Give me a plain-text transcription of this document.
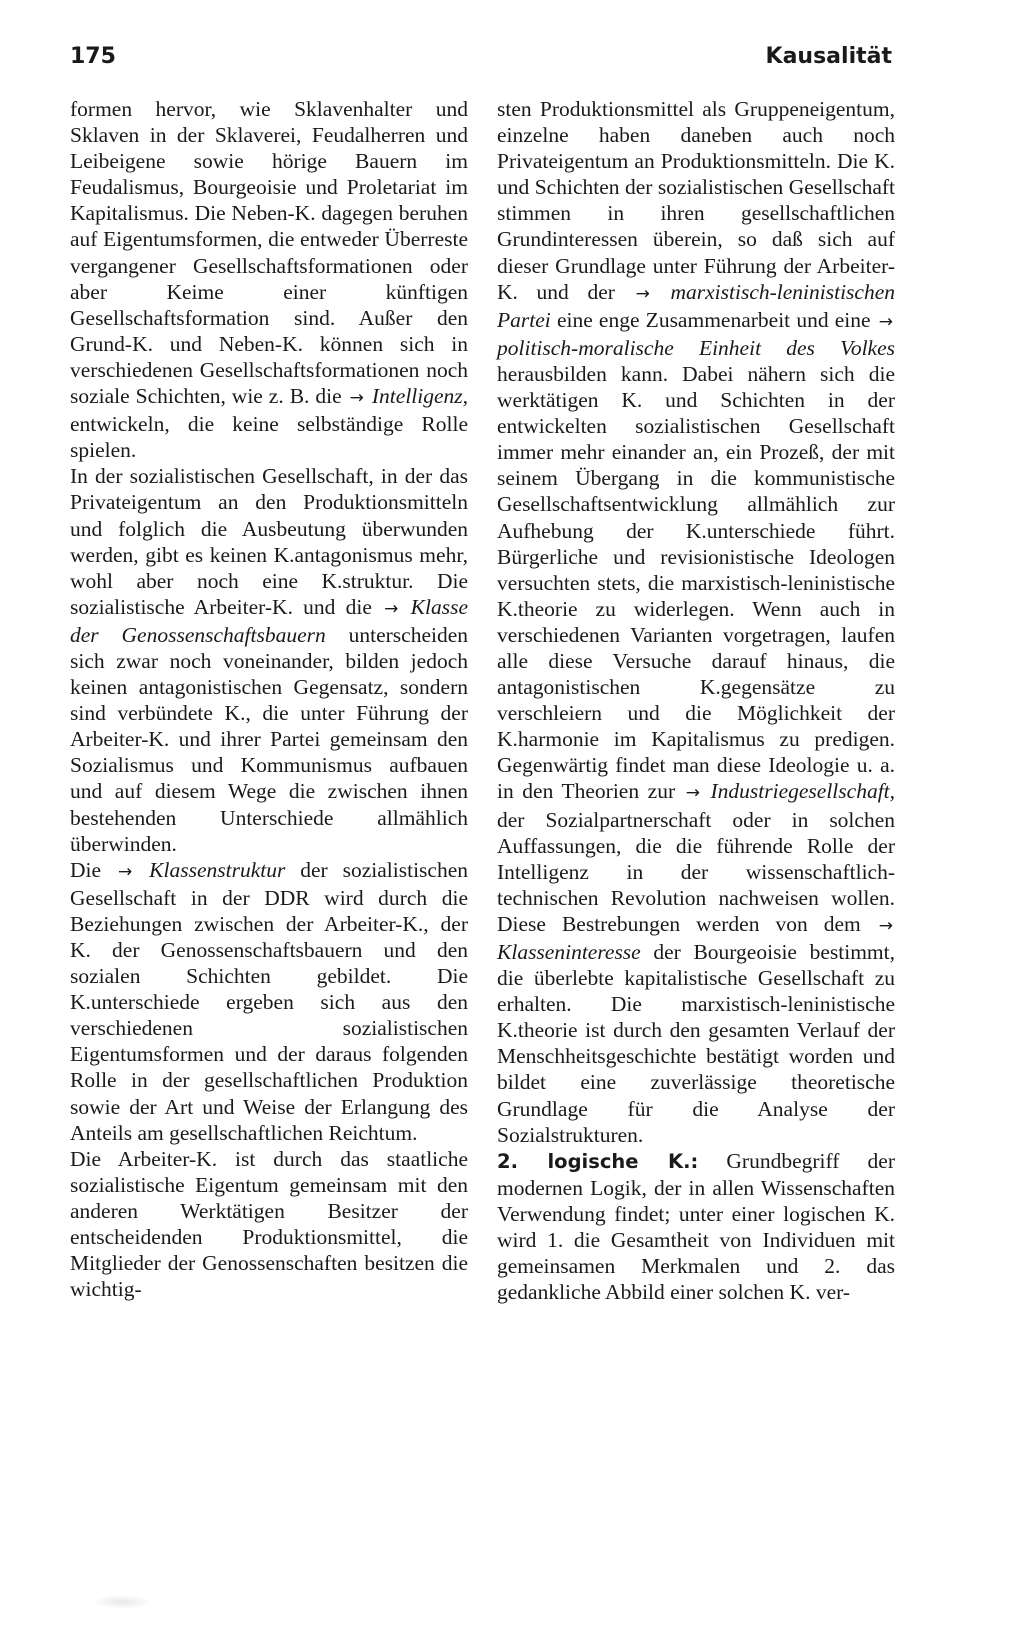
175	Kausalität

formen hervor, wie Sklavenhalter und Sklaven in der Sklaverei, Feudalherren und Leibeigene sowie hörige Bauern im Feudalismus, Bourgeoisie und Proletariat im Kapitalismus. Die Neben-K. dagegen beruhen auf Eigentumsformen, die entweder Überreste vergangener Gesellschaftsformationen oder aber Keime einer künftigen Gesellschaftsformation sind. Außer den Grund-K. und Neben-K. können sich in verschiedenen Gesellschaftsformationen noch soziale Schichten, wie z. B. die → Intelligenz, entwickeln, die keine selbständige Rolle spielen.

In der sozialistischen Gesellschaft, in der das Privateigentum an den Produktionsmitteln und folglich die Ausbeutung überwunden werden, gibt es keinen K.antagonismus mehr, wohl aber noch eine K.struktur. Die sozialistische Arbeiter-K. und die → Klasse der Genossenschaftsbauern unterscheiden sich zwar noch voneinander, bilden jedoch keinen antagonistischen Gegensatz, sondern sind verbündete K., die unter Führung der Arbeiter-K. und ihrer Partei gemeinsam den Sozialismus und Kommunismus aufbauen und auf diesem Wege die zwischen ihnen bestehenden Unterschiede allmählich überwinden.

Die → Klassenstruktur der sozialistischen Gesellschaft in der DDR wird durch die Beziehungen zwischen der Arbeiter-K., der K. der Genossenschaftsbauern und den sozialen Schichten gebildet. Die K.unterschiede ergeben sich aus den verschiedenen sozialistischen Eigentumsformen und der daraus folgenden Rolle in der gesellschaftlichen Produktion sowie der Art und Weise der Erlangung des Anteils am gesellschaftlichen Reichtum.

Die Arbeiter-K. ist durch das staatliche sozialistische Eigentum gemeinsam mit den anderen Werktätigen Besitzer der entscheidenden Produktionsmittel, die Mitglieder der Genossenschaften besitzen die wichtig-

sten Produktionsmittel als Gruppeneigentum, einzelne haben daneben auch noch Privateigentum an Produktionsmitteln. Die K. und Schichten der sozialistischen Gesellschaft stimmen in ihren gesellschaftlichen Grundinteressen überein, so daß sich auf dieser Grundlage unter Führung der Arbeiter-K. und der → marxistisch-leninistischen Partei eine enge Zusammenarbeit und eine → politisch-moralische Einheit des Volkes herausbilden kann. Dabei nähern sich die werktätigen K. und Schichten in der entwickelten sozialistischen Gesellschaft immer mehr einander an, ein Prozeß, der mit seinem Übergang in die kommunistische Gesellschaftsentwicklung allmählich zur Aufhebung der K.unterschiede führt. Bürgerliche und revisionistische Ideologen versuchten stets, die marxistisch-leninistische K.theorie zu widerlegen. Wenn auch in verschiedenen Varianten vorgetragen, laufen alle diese Versuche darauf hinaus, die antagonistischen K.gegensätze zu verschleiern und die Möglichkeit der K.harmonie im Kapitalismus zu predigen. Gegenwärtig findet man diese Ideologie u. a. in den Theorien zur → Industriegesellschaft, der Sozialpartnerschaft oder in solchen Auffassungen, die die führende Rolle der Intelligenz in der wissenschaftlich-technischen Revolution nachweisen wollen. Diese Bestrebungen werden von dem → Klasseninteresse der Bourgeoisie bestimmt, die überlebte kapitalistische Gesellschaft zu erhalten. Die marxistisch-leninistische K.theorie ist durch den gesamten Verlauf der Menschheitsgeschichte bestätigt worden und bildet eine zuverlässige theoretische Grundlage für die Analyse der Sozialstrukturen.

2. logische K.: Grundbegriff der modernen Logik, der in allen Wissenschaften Verwendung findet; unter einer logischen K. wird 1. die Gesamtheit von Individuen mit gemeinsamen Merkmalen und 2. das gedankliche Abbild einer solchen K. ver-
